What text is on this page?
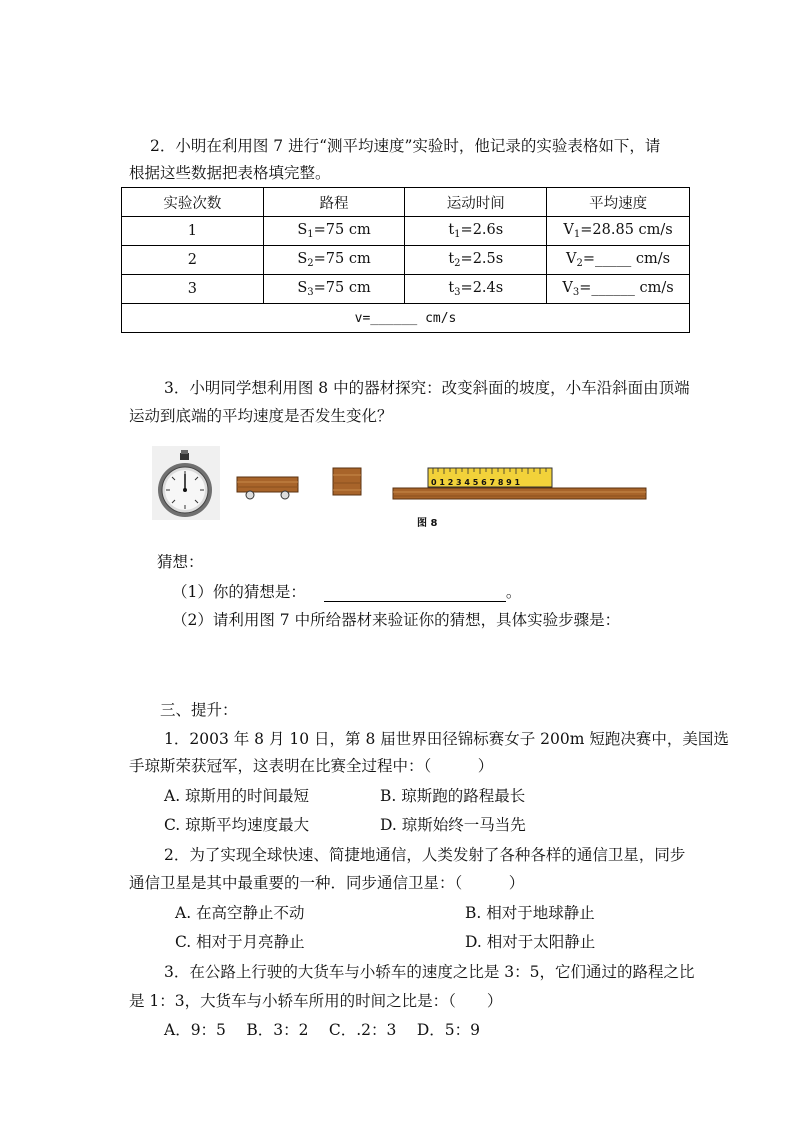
2．小明在利用图 7 进行“测平均速度”实验时，他记录的实验表格如下，请
根据这些数据把表格填完整。
实验次数	路程	运动时间	平均速度
1	$S_1=75$ cm	$t_1=2.6s$	$V_1=28.85$ cm/s
2	$S_2=75$ cm	$t_2=2.5s$	$V_2=\_\_\_\_\_$ cm/s
3	$S_3=75$ cm	$t_3=2.4s$	$V_3=\_\_\_\_\_\_$ cm/s
v=______ cm/s			
3．小明同学想利用图 8 中的器材探究：改变斜面的坡度，小车沿斜面由顶端
运动到底端的平均速度是否发生变化？
0 1 2 3 4 5 6 7 8 9 1
图 8
猜想：
（1）你的猜想是：	。
（2）请利用图 7 中所给器材来验证你的猜想，具体实验步骤是：
三、提升：
1．2003 年 8 月 10 日，第 8 届世界田径锦标赛女子 200m 短跑决赛中，美国选
手琼斯荣获冠军，这表明在比赛全过程中：（　　　）
A. 琼斯用的时间最短	B. 琼斯跑的路程最长
C. 琼斯平均速度最大	D. 琼斯始终一马当先
2．为了实现全球快速、简捷地通信，人类发射了各种各样的通信卫星，同步
通信卫星是其中最重要的一种．同步通信卫星：（　　　）
A. 在高空静止不动	B. 相对于地球静止
C. 相对于月亮静止	D. 相对于太阳静止
3．在公路上行驶的大货车与小轿车的速度之比是 3：5，它们通过的路程之比
是 1：3，大货车与小轿车所用的时间之比是：（　　）
A．9：5　 B．3：2　 C．.2：3　 D．5：9
